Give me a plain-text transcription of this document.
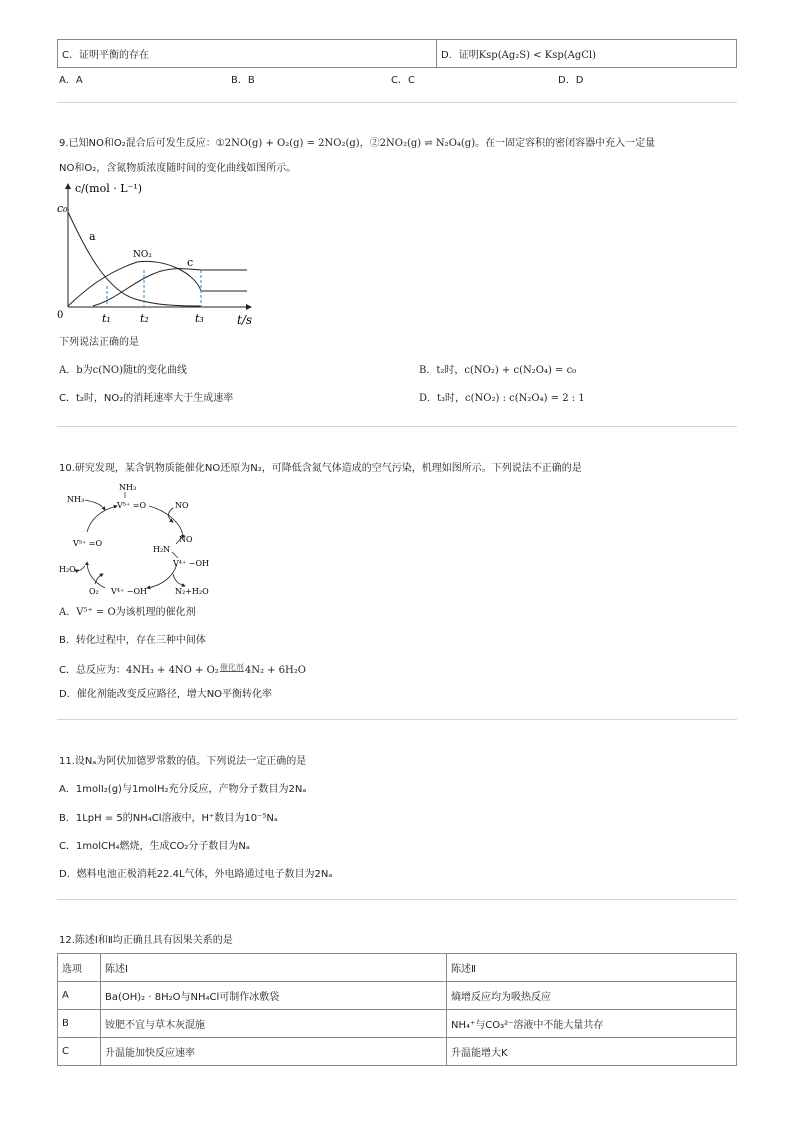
C．证明平衡的存在	D．证明Ksp(Ag₂S) < Ksp(AgCl)
A．A	B．B	C．C	D．D
9.已知NO和O₂混合后可发生反应：①2NO(g) + O₂(g) = 2NO₂(g)，②2NO₂(g) ⇌ N₂O₄(g)。在一固定容积的密闭容器中充入一定量
NO和O₂，含氮物质浓度随时间的变化曲线如图所示。
c/(mol · L⁻¹)
c₀
a
NO₂
c
0	t₁	t₂	t₃	t/s
下列说法正确的是
A．b为c(NO)随t的变化曲线	B．t₂时，c(NO₂) + c(N₂O₄) = c₀
C．t₂时，NO₂的消耗速率大于生成速率	D．t₃时，c(NO₂) : c(N₂O₄) = 2 : 1
10.研究发现，某含钒物质能催化NO还原为N₂，可降低含氮气体造成的空气污染，机理如图所示。下列说法不正确的是
NH₃
V⁵⁺ =O
NH₃
NO
NO
H₂N
V⁴⁺ −OH
V⁵⁺ =O
H₂O
O₂ V⁴⁺ −OH	N₂+H₂O
A．V⁵⁺ = O为该机理的催化剂
B．转化过程中，存在三种中间体
C．总反应为：4NH₃ + 4NO + O₂$^{催化剂}$4N₂ + 6H₂O
D．催化剂能改变反应路径，增大NO平衡转化率
11.设Nₐ为阿伏加德罗常数的值。下列说法一定正确的是
A．1molI₂(g)与1molH₂充分反应，产物分子数目为2Nₐ
B．1LpH = 5的NH₄Cl溶液中，H⁺数目为10⁻⁵Nₐ
C．1molCH₄燃烧，生成CO₂分子数目为Nₐ
D．燃料电池正极消耗22.4L气体，外电路通过电子数目为2Nₐ
12.陈述Ⅰ和Ⅱ均正确且具有因果关系的是
选项	陈述Ⅰ	陈述Ⅱ
A	Ba(OH)₂ · 8H₂O与NH₄Cl可制作冰敷袋	熵增反应均为吸热反应
B	铵肥不宜与草木灰混施	NH₄⁺与CO₃²⁻溶液中不能大量共存
C	升温能加快反应速率	升温能增大K
